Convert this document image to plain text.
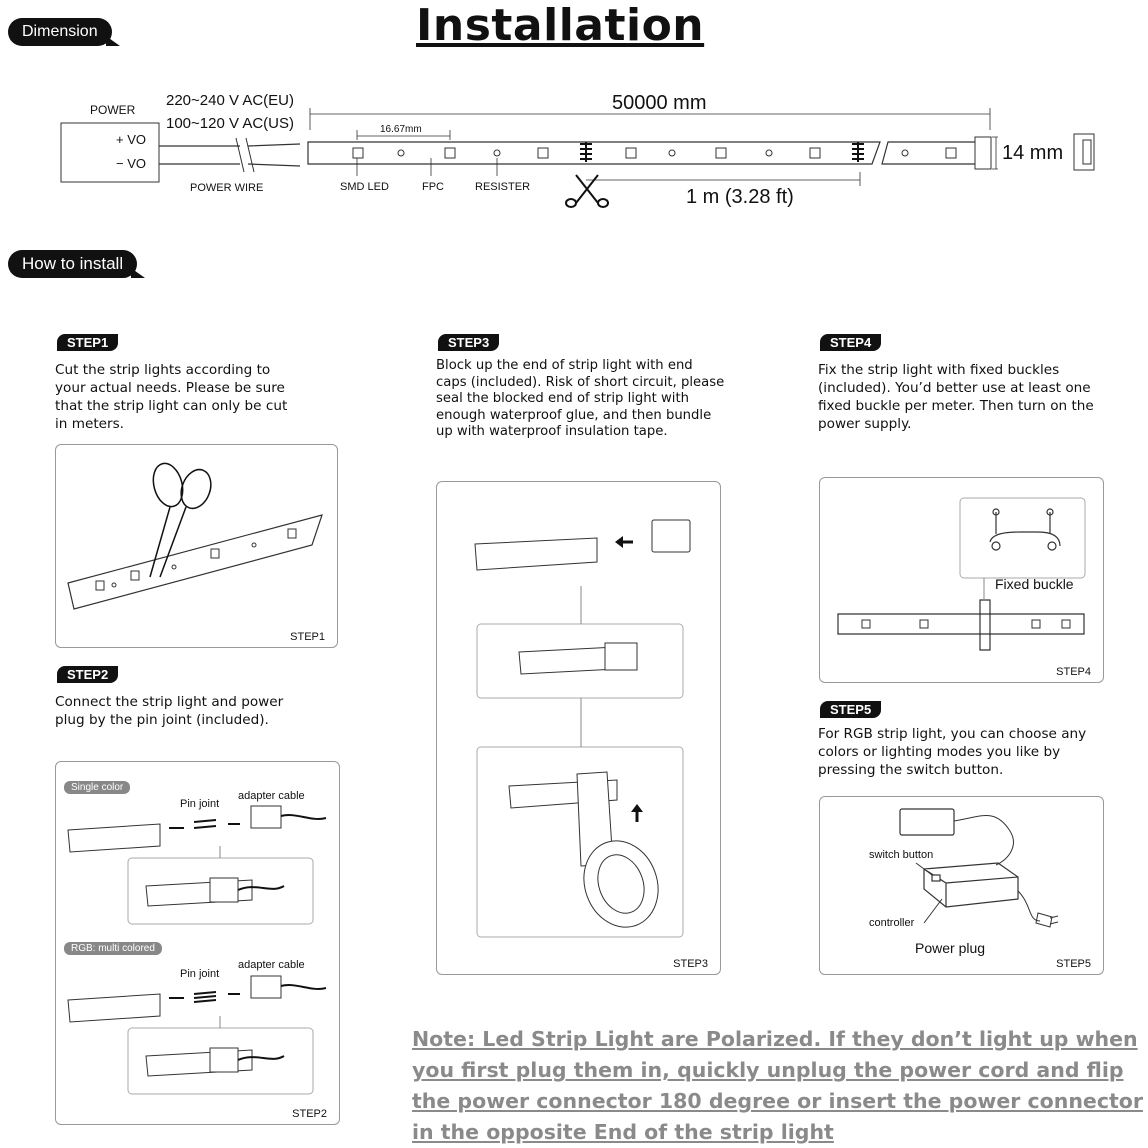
Dimension	Installation
POWER
+ VO
− VO
220~240 V AC(EU)
100~120 V AC(US)
50000 mm
16.67mm
14 mm
1 m (3.28 ft)
POWER WIRE	SMD LED	FPC	RESISTER
How to install
STEP1
Cut the strip lights according to your actual needs. Please be sure that the strip light can only be cut in meters.
STEP1
STEP2
Connect the strip light and power plug by the pin joint (included).
Single color
Pin joint
adapter cable
RGB: multi colored
Pin joint
adapter cable
STEP2
STEP3
Block up the end of strip light with end caps (included). Risk of short circuit, please seal the blocked end of strip light with enough waterproof glue, and then bundle up with waterproof insulation tape.
STEP3
STEP4
Fix the strip light with fixed buckles (included). You’d better use at least one fixed buckle per meter. Then turn on the power supply.
Fixed buckle
STEP4
STEP5
For RGB strip light, you can choose any colors or lighting modes you like by pressing the switch button.
switch button
controller
Power plug
STEP5
Note: Led Strip Light are Polarized. If they don’t light up when you first plug them in, quickly unplug the power cord and flip the power connector 180 degree or insert the power connector in the opposite End of the strip light
